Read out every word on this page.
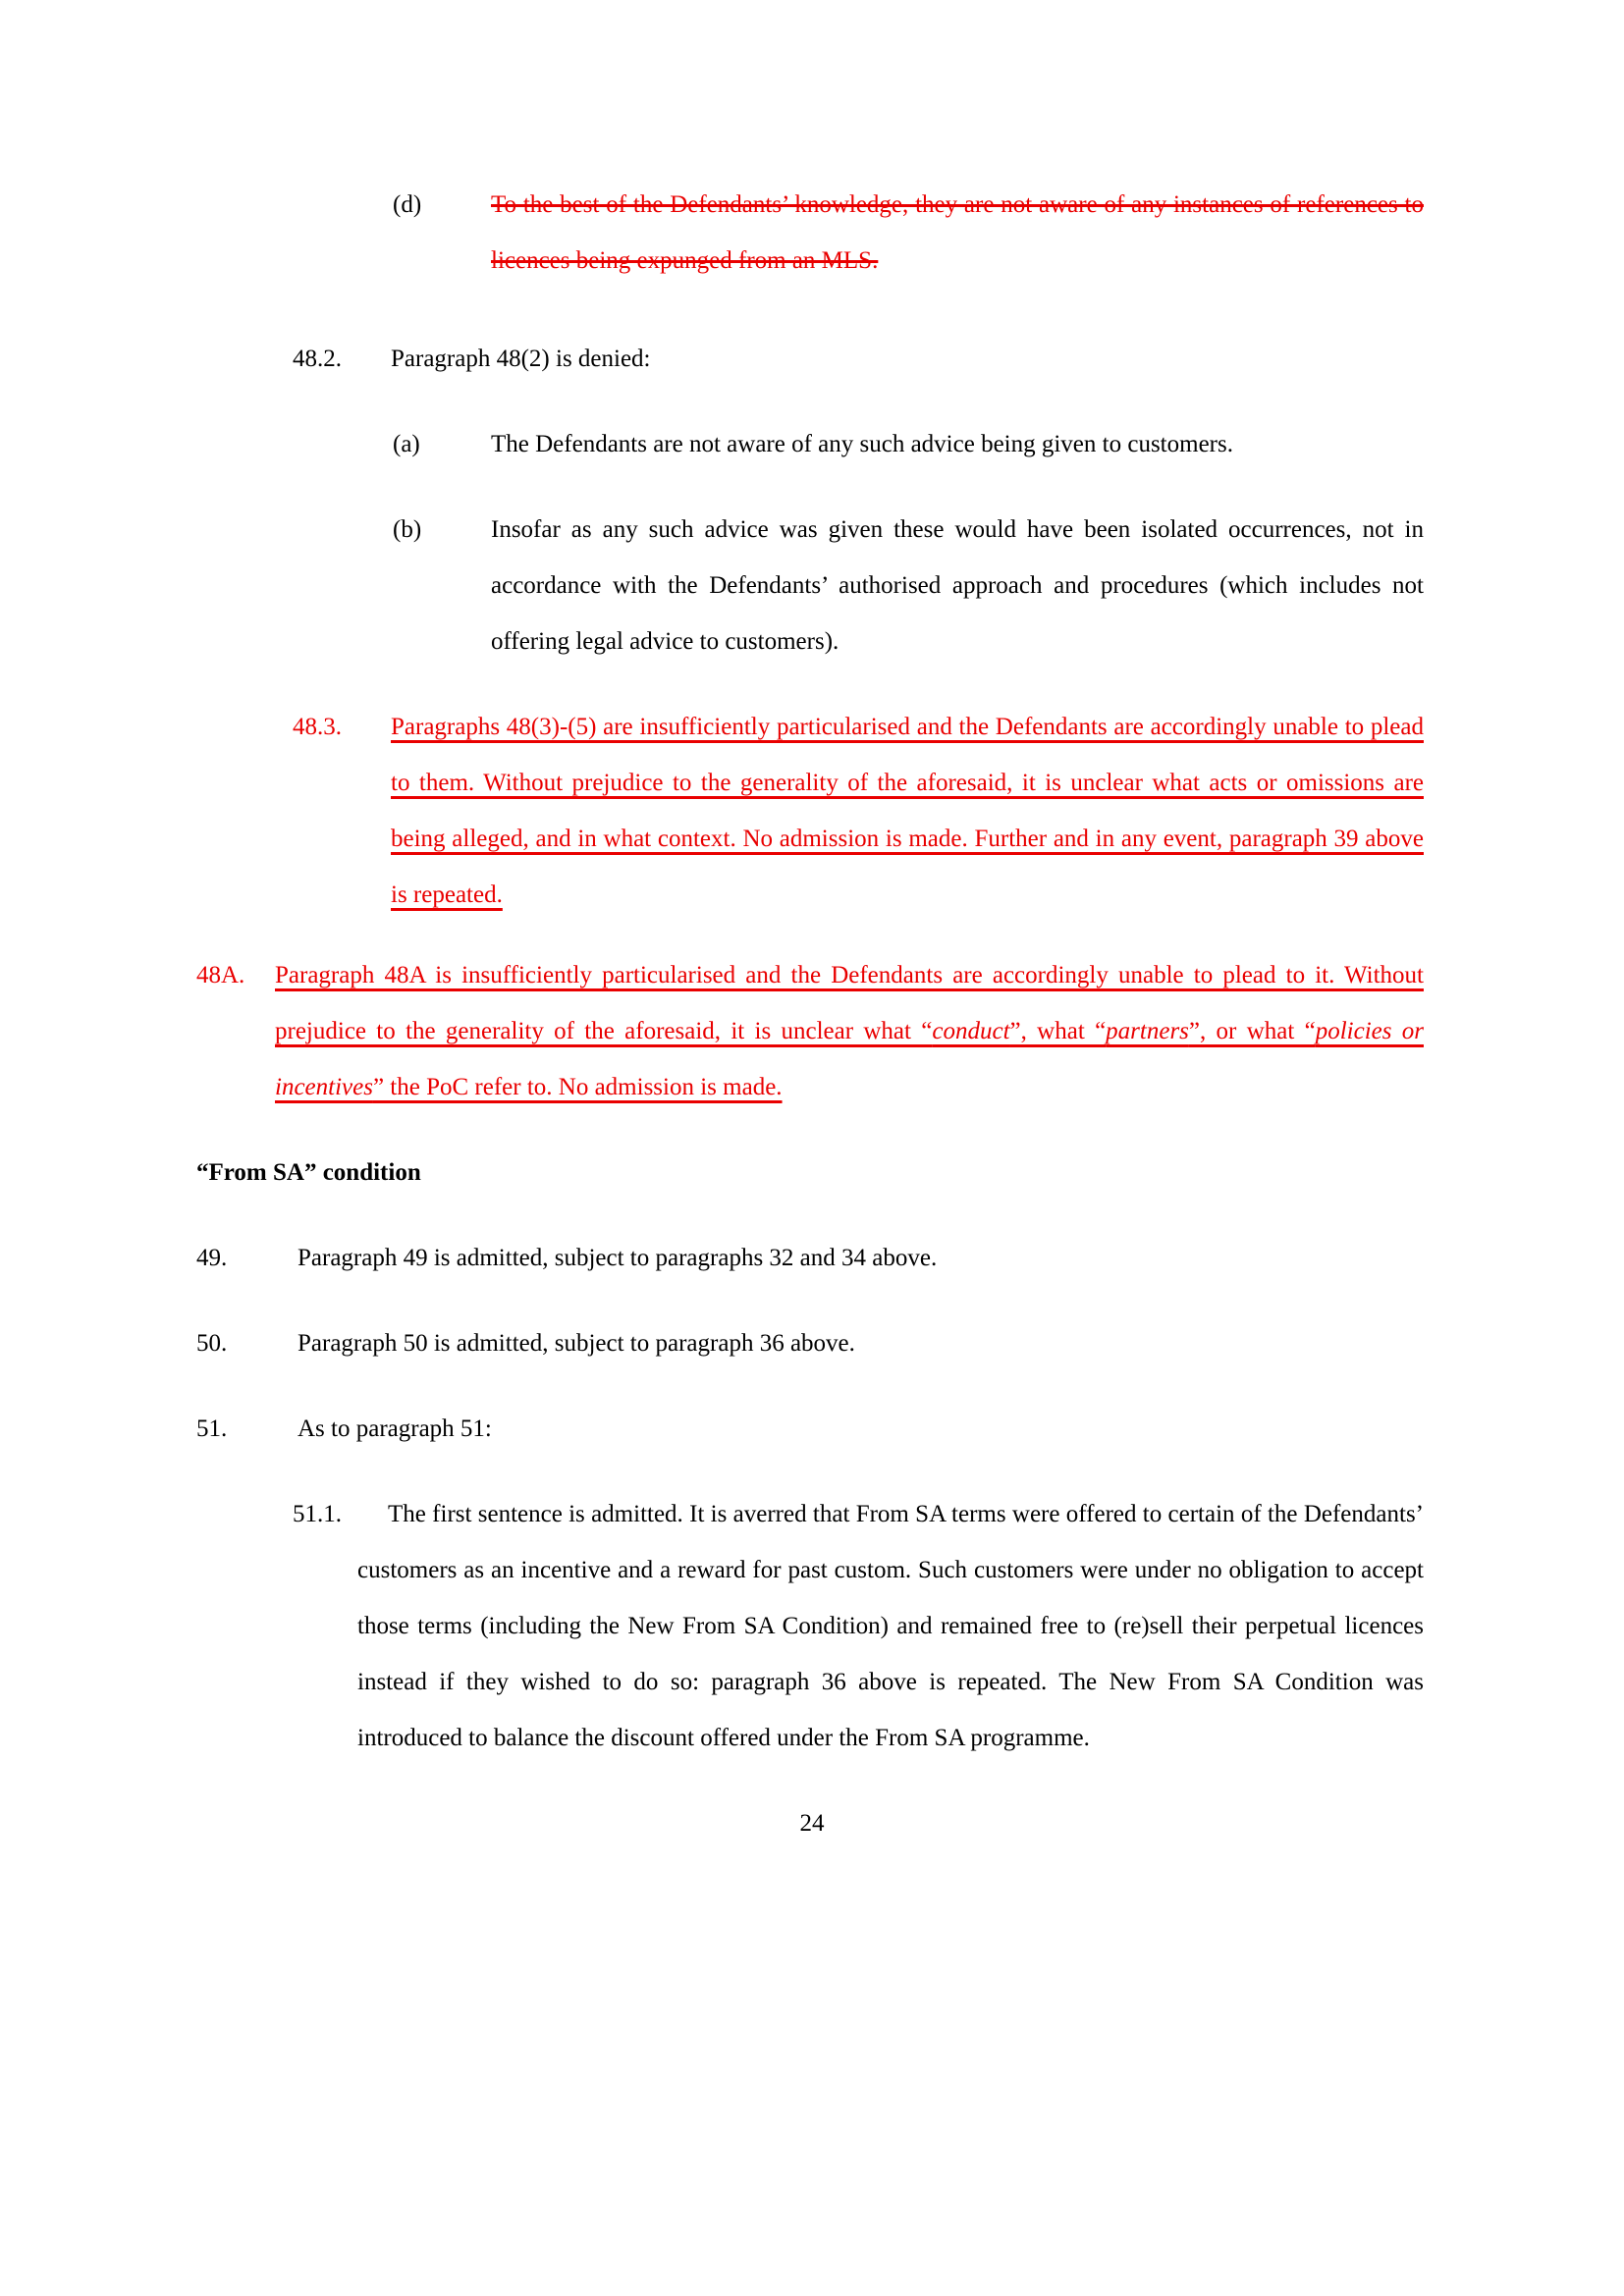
(d)	To the best of the Defendants’ knowledge, they are not aware of any instances of references to licences being expunged from an MLS.
48.2. Paragraph 48(2) is denied:
(a)	The Defendants are not aware of any such advice being given to customers.
(b)	Insofar as any such advice was given these would have been isolated occurrences, not in accordance with the Defendants’ authorised approach and procedures (which includes not offering legal advice to customers).
48.3. Paragraphs 48(3)-(5) are insufficiently particularised and the Defendants are accordingly unable to plead to them. Without prejudice to the generality of the aforesaid, it is unclear what acts or omissions are being alleged, and in what context. No admission is made. Further and in any event, paragraph 39 above is repeated.
48A. Paragraph 48A is insufficiently particularised and the Defendants are accordingly unable to plead to it. Without prejudice to the generality of the aforesaid, it is unclear what “conduct”, what “partners”, or what “policies or incentives” the PoC refer to. No admission is made.
“From SA” condition
49.	Paragraph 49 is admitted, subject to paragraphs 32 and 34 above.
50.	Paragraph 50 is admitted, subject to paragraph 36 above.
51.	As to paragraph 51:
51.1.	The first sentence is admitted. It is averred that From SA terms were offered to certain of the Defendants’ customers as an incentive and a reward for past custom. Such customers were under no obligation to accept those terms (including the New From SA Condition) and remained free to (re)sell their perpetual licences instead if they wished to do so: paragraph 36 above is repeated. The New From SA Condition was introduced to balance the discount offered under the From SA programme.
24
